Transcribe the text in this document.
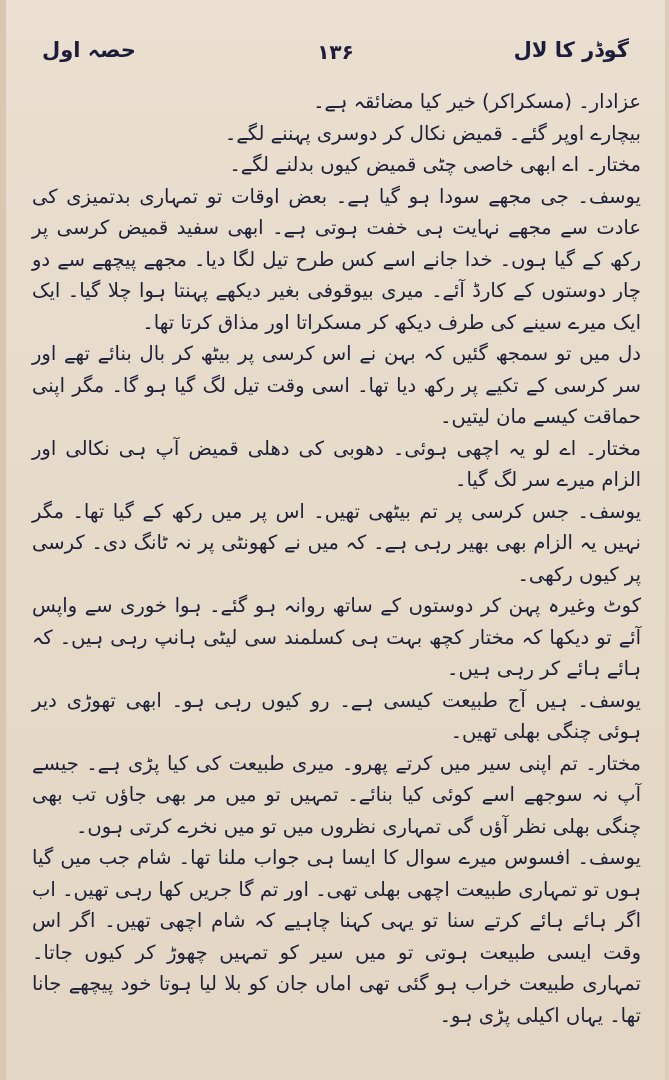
حصہ اول	۱۳۶	گوڈر کا لال

عزادار۔ (مسکراکر) خیر کیا مضائقہ ہے۔

بیچارے اوپر گئے۔ قمیض نکال کر دوسری پہننے لگے۔

مختار۔ اے ابھی خاصی چٹی قمیض کیوں بدلنے لگے۔

یوسف۔ جی مجھے سودا ہو گیا ہے۔ بعض اوقات تو تمہاری بدتمیزی کی عادت سے مجھے نہایت ہی خفت ہوتی ہے۔ ابھی سفید قمیض کرسی پر رکھ کے گیا ہوں۔ خدا جانے اسے کس طرح تیل لگا دیا۔ مجھے پیچھے سے دو چار دوستوں کے کارڈ آئے۔ میری بیوقوفی بغیر دیکھے پہنتا ہوا چلا گیا۔ ایک ایک میرے سینے کی طرف دیکھ کر مسکراتا اور مذاق کرتا تھا۔

دل میں تو سمجھ گئیں کہ بہن نے اس کرسی پر بیٹھ کر بال بنائے تھے اور سر کرسی کے تکیے پر رکھ دیا تھا۔ اسی وقت تیل لگ گیا ہو گا۔ مگر اپنی حماقت کیسے مان لیتیں۔

مختار۔ اے لو یہ اچھی ہوئی۔ دھوبی کی دھلی قمیض آپ ہی نکالی اور الزام میرے سر لگ گیا۔

یوسف۔ جس کرسی پر تم بیٹھی تھیں۔ اس پر میں رکھ کے گیا تھا۔ مگر نہیں یہ الزام بھی بھیر رہی ہے۔ کہ میں نے کھونٹی پر نہ ٹانگ دی۔ کرسی پر کیوں رکھی۔

کوٹ وغیرہ پہن کر دوستوں کے ساتھ روانہ ہو گئے۔ ہوا خوری سے واپس آئے تو دیکھا کہ مختار کچھ بہت ہی کسلمند سی لیٹی ہانپ رہی ہیں۔ کہ ہائے ہائے کر رہی ہیں۔

یوسف۔ ہیں آج طبیعت کیسی ہے۔ رو کیوں رہی ہو۔ ابھی تھوڑی دیر ہوئی چنگی بھلی تھیں۔

مختار۔ تم اپنی سیر میں کرتے پھرو۔ میری طبیعت کی کیا پڑی ہے۔ جیسے آپ نہ سوجھے اسے کوئی کیا بنائے۔ تمہیں تو میں مر بھی جاؤں تب بھی چنگی بھلی نظر آؤں گی تمہاری نظروں میں تو میں نخرے کرتی ہوں۔

یوسف۔ افسوس میرے سوال کا ایسا ہی جواب ملنا تھا۔ شام جب میں گیا ہوں تو تمہاری طبیعت اچھی بھلی تھی۔ اور تم گا جریں کھا رہی تھیں۔ اب اگر ہائے ہائے کرتے سنا تو یہی کہنا چاہیے کہ شام اچھی تھیں۔ اگر اس وقت ایسی طبیعت ہوتی تو میں سیر کو تمہیں چھوڑ کر کیوں جاتا۔ تمہاری طبیعت خراب ہو گئی تھی اماں جان کو بلا لیا ہوتا خود پیچھے جانا تھا۔ یہاں اکیلی پڑی ہو۔
